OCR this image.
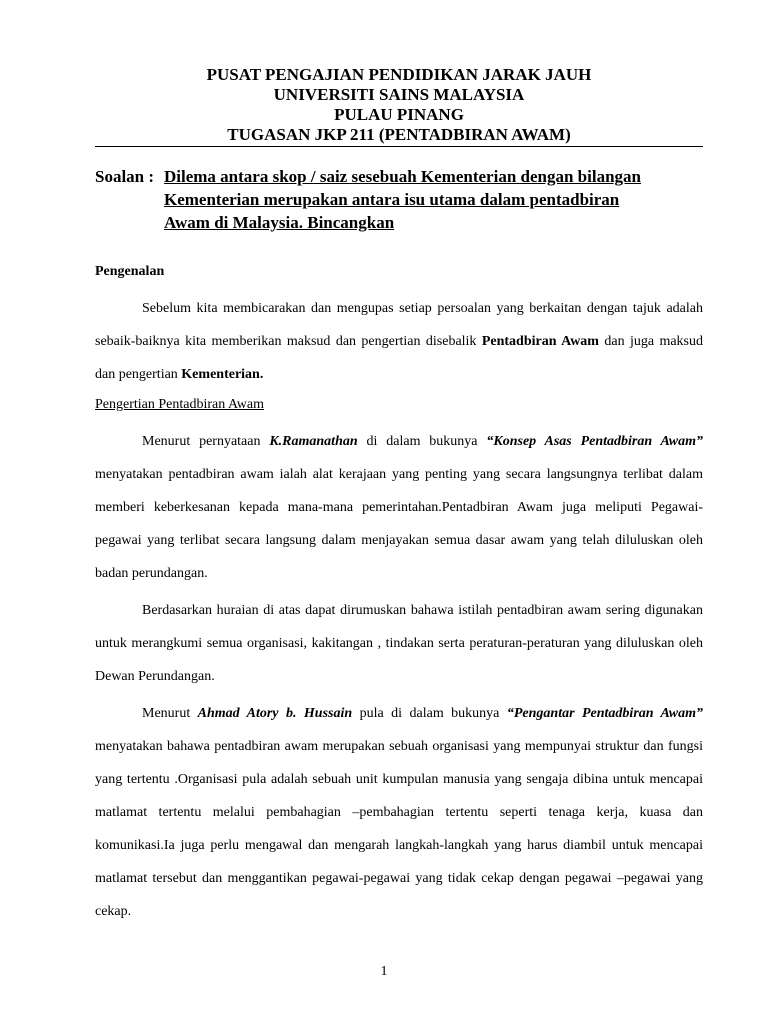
PUSAT PENGAJIAN PENDIDIKAN JARAK JAUH
UNIVERSITI SAINS MALAYSIA
PULAU PINANG
TUGASAN JKP 211 (PENTADBIRAN AWAM)
Soalan : Dilema antara skop / saiz sesebuah Kementerian dengan bilangan
Kementerian merupakan antara isu utama dalam pentadbiran
Awam di Malaysia. Bincangkan
Pengenalan

Sebelum kita membicarakan dan mengupas setiap persoalan yang berkaitan dengan tajuk adalah sebaik-baiknya kita memberikan maksud dan pengertian disebalik Pentadbiran Awam dan juga maksud dan pengertian Kementerian.

Pengertian Pentadbiran Awam

Menurut pernyataan K.Ramanathan di dalam bukunya “Konsep Asas Pentadbiran Awam” menyatakan pentadbiran awam ialah alat kerajaan yang penting yang secara langsungnya terlibat dalam memberi keberkesanan kepada mana-mana pemerintahan.Pentadbiran Awam juga meliputi Pegawai-pegawai yang terlibat secara langsung dalam menjayakan semua dasar awam yang telah diluluskan oleh badan perundangan.

Berdasarkan huraian di atas dapat dirumuskan bahawa istilah pentadbiran awam sering digunakan untuk merangkumi semua organisasi, kakitangan , tindakan serta peraturan-peraturan yang diluluskan oleh Dewan Perundangan.

Menurut Ahmad Atory b. Hussain pula di dalam bukunya “Pengantar Pentadbiran Awam” menyatakan bahawa pentadbiran awam merupakan sebuah organisasi yang mempunyai struktur dan fungsi yang tertentu .Organisasi pula adalah sebuah unit kumpulan manusia yang sengaja dibina untuk mencapai matlamat tertentu melalui pembahagian –pembahagian tertentu seperti tenaga kerja, kuasa dan komunikasi.Ia juga perlu mengawal dan mengarah langkah-langkah yang harus diambil untuk mencapai matlamat tersebut dan menggantikan pegawai-pegawai yang tidak cekap dengan pegawai –pegawai yang cekap.

1
